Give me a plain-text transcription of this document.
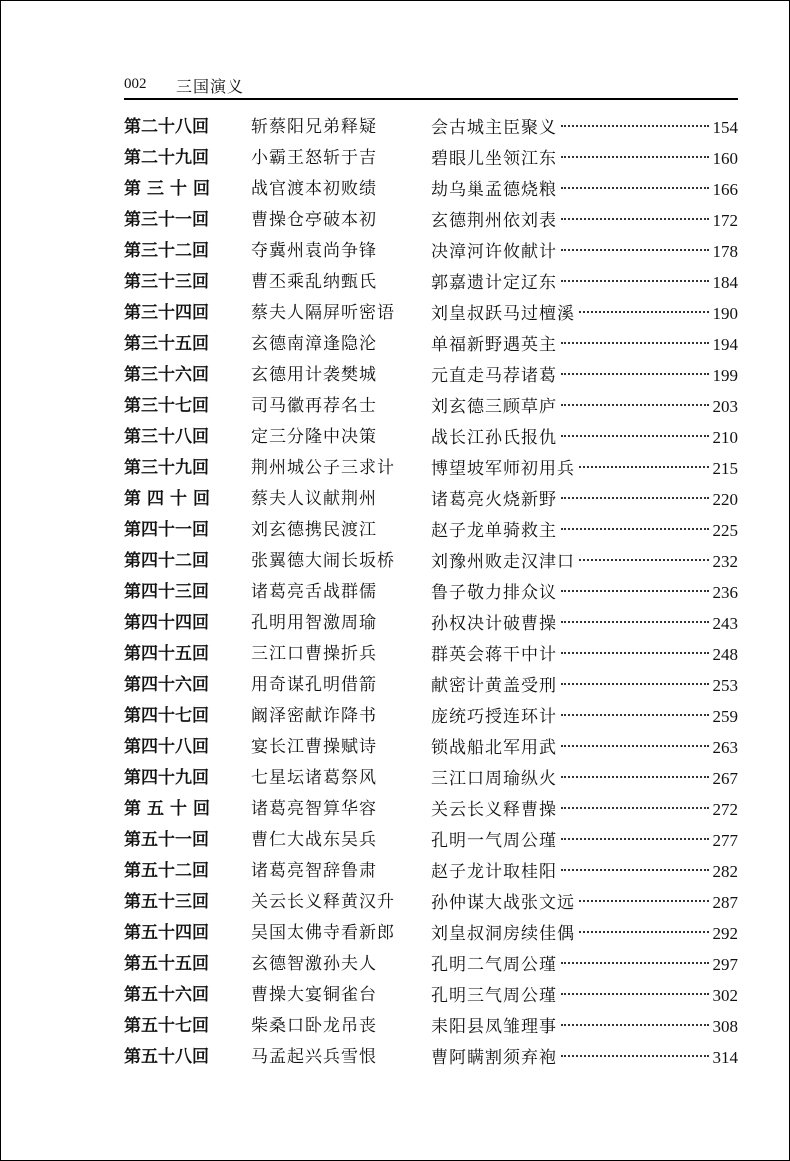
002 三国演义
第二十八回	斩蔡阳兄弟释疑	会古城主臣聚义	154
第二十九回	小霸王怒斩于吉	碧眼儿坐领江东	160
第三十回	战官渡本初败绩	劫乌巢孟德烧粮	166
第三十一回	曹操仓亭破本初	玄德荆州依刘表	172
第三十二回	夺冀州袁尚争锋	决漳河许攸献计	178
第三十三回	曹丕乘乱纳甄氏	郭嘉遗计定辽东	184
第三十四回	蔡夫人隔屏听密语 刘皇叔跃马过檀溪	190
第三十五回	玄德南漳逢隐沦	单福新野遇英主	194
第三十六回	玄德用计袭樊城	元直走马荐诸葛	199
第三十七回	司马徽再荐名士	刘玄德三顾草庐	203
第三十八回	定三分隆中决策	战长江孙氏报仇	210
第三十九回	荆州城公子三求计 博望坡军师初用兵	215
第四十回	蔡夫人议献荆州	诸葛亮火烧新野	220
第四十一回	刘玄德携民渡江	赵子龙单骑救主	225
第四十二回	张翼德大闹长坂桥 刘豫州败走汉津口	232
第四十三回	诸葛亮舌战群儒	鲁子敬力排众议	236
第四十四回	孔明用智激周瑜	孙权决计破曹操	243
第四十五回	三江口曹操折兵	群英会蒋干中计	248
第四十六回	用奇谋孔明借箭	献密计黄盖受刑	253
第四十七回	阚泽密献诈降书	庞统巧授连环计	259
第四十八回	宴长江曹操赋诗	锁战船北军用武	263
第四十九回	七星坛诸葛祭风	三江口周瑜纵火	267
第五十回	诸葛亮智算华容	关云长义释曹操	272
第五十一回	曹仁大战东吴兵	孔明一气周公瑾	277
第五十二回	诸葛亮智辞鲁肃	赵子龙计取桂阳	282
第五十三回	关云长义释黄汉升 孙仲谋大战张文远	287
第五十四回	吴国太佛寺看新郎 刘皇叔洞房续佳偶	292
第五十五回	玄德智激孙夫人	孔明二气周公瑾	297
第五十六回	曹操大宴铜雀台	孔明三气周公瑾	302
第五十七回	柴桑口卧龙吊丧	耒阳县凤雏理事	308
第五十八回	马孟起兴兵雪恨	曹阿瞒割须弃袍	314
